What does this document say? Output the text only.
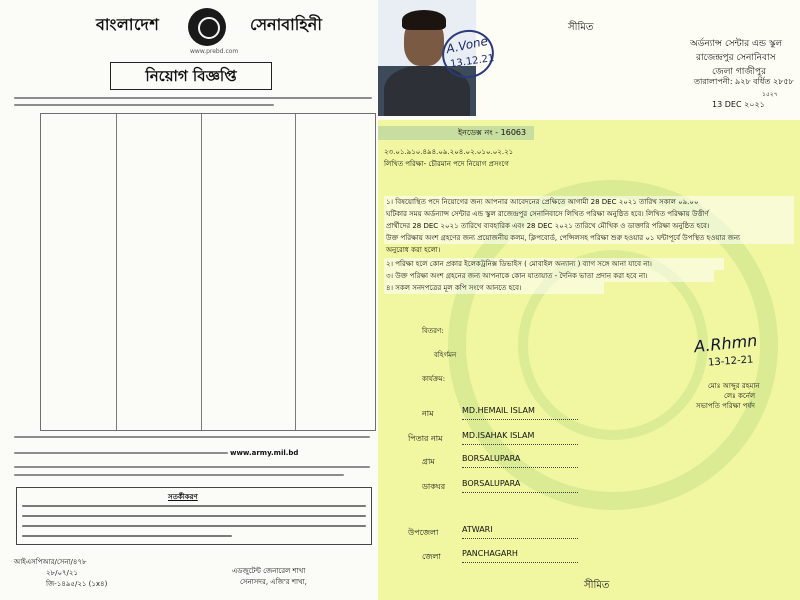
বাংলাদেশ	সেনাবাহিনী
www.prebd.com
নিয়োগ বিজ্ঞপ্তি
www.army.mil.bd
সতর্কীকরণ
আইএসপিআর/সেনা/৪৭৮
২৮/০৭/২১
জি-১৪৯৫/২১ (১x৪)
এডজুটেন্ট জেনারেল শাখা
সেনাসদর, এজি'র শাখা,
A.Vone
13.12.21
সীমিত
অর্ডন্যান্স সেন্টার এন্ড স্কুল
রাজেন্দ্রপুর সেনানিবাস
জেলা গাজীপুর
তারালাপনী: ৯২৮ বর্ধিত ২৮৫৮
১৫২৭
13 DEC ২০২১
ইনডেক্স নং - 16063
২৩.০১.৯১০.৪৯৪.০৯.২০৪.০২.০১০.০২.২১
লিখিত পরিক্ষা- চৌরমান পদে নিয়োগ প্রসংগে
১। বিষয়োস্থিত পদে নিয়োগের জন্য আপনার আবেদনের প্রেক্ষিতে আগামী 28 DEC ২০২১ তারিখ সকাল ০৯.০০
ঘটিকার সময় অর্ডন্যান্স সেন্টার এন্ড স্কুল রাজেন্দ্রপুর সেনানিবাসে লিখিত পরিক্ষা অনুষ্ঠিত হবে। লিখিত পরিক্ষায় উত্তীর্ণ
প্রার্থীদের 28 DEC ২০২১ তারিখে ব্যবহারিক এবং 28 DEC ২০২১ তারিখে মৌখিক ও ডাক্তারি পরিক্ষা অনুষ্ঠিত হবে।
উক্ত পরিক্ষায় অংশ গ্রহণের জন্য প্রয়োজনীয় কলম, ক্লিপবোর্ড, পেন্সিলসহ পরিক্ষা শুরু হওয়ার ০১ ঘন্টাপূর্বে উপস্থিত হওয়ার জন্য
অনুরোধ করা হলো।
২। পরিক্ষা হলে কোন প্রকার ইলেকট্রনিক্স ডিভাইস ( মোবাইল অন্যান্য ) ব্যাগ সঙ্গে আনা যাবে না।
৩। উক্ত পরিক্ষা অংশ গ্রহনের জন্য আপনাকে কোন যাতায়াত - দৈনিক ভাতা প্রদান করা হবে না।
৪। সকল সনদপত্রের মূল কপি সংগে আনতে হবে।
বিতরণ:
বহির্গমন
কার্যক্রম:
A.Rhmn
13-12-21
মোঃ আব্দুর রহমান
লেঃ কর্নেল
সভাপতি পরিক্ষা পর্ষদ
নাম	MD.HEMAIL ISLAM
পিতার নাম MD.ISAHAK ISLAM
গ্রাম	BORSALUPARA
ডাকঘর BORSALUPARA
উপজেলা	ATWARI
জেলা	PANCHAGARH
সীমিত
